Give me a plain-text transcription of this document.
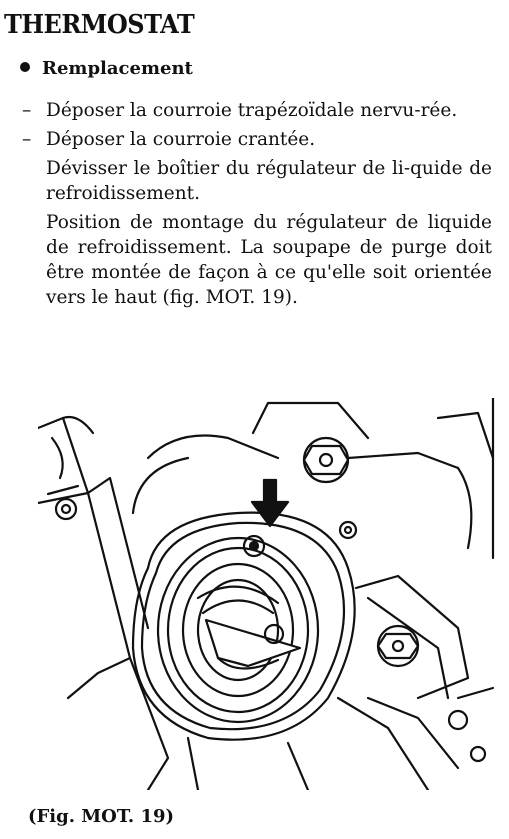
THERMOSTAT
Remplacement
– Déposer la courroie trapézoïdale nervu-rée.
– Déposer la courroie crantée.
Dévisser le boîtier du régulateur de li-quide de refroidissement.
Position de montage du régulateur de liquide de refroidissement. La soupape de purge doit être montée de façon à ce qu'elle soit orientée vers le haut (fig. MOT. 19).
(Fig. MOT. 19)
